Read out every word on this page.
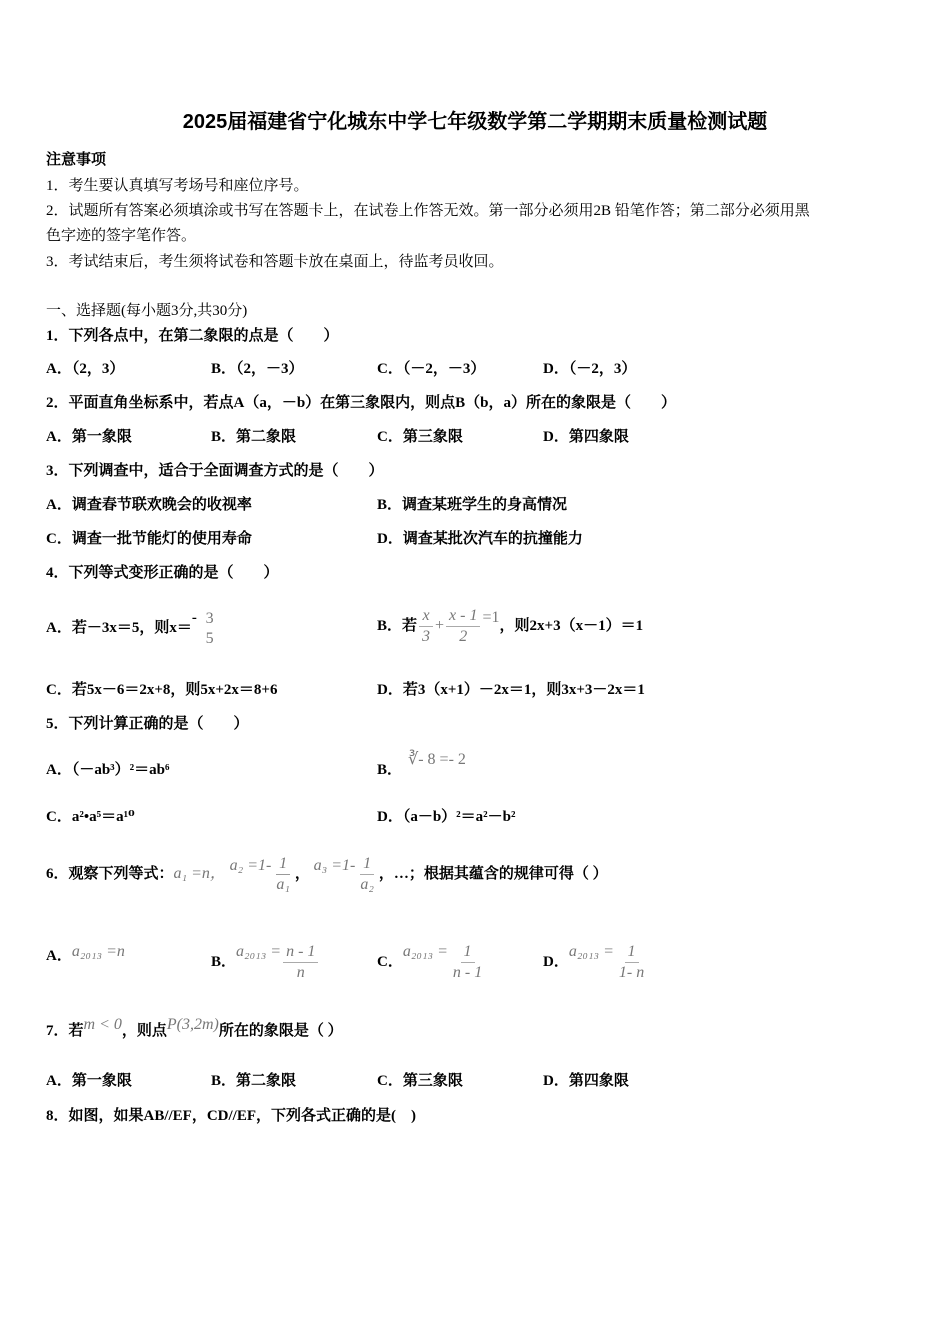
2025届福建省宁化城东中学七年级数学第二学期期末质量检测试题
注意事项
1．考生要认真填写考场号和座位序号。
2．试题所有答案必须填涂或书写在答题卡上，在试卷上作答无效。第一部分必须用2B 铅笔作答；第二部分必须用黑
色字迹的签字笔作答。
3．考试结束后，考生须将试卷和答题卡放在桌面上，待监考员收回。
一、选择题(每小题3分,共30分)
1．下列各点中，在第二象限的点是（　　）
A．（2，3）	B．（2，－3）	C．（－2，－3）	D．（－2，3）
2．平面直角坐标系中，若点A（a，－b）在第三象限内，则点B（b，a）所在的象限是（　　）
A．第一象限	B．第二象限	C．第三象限	D．第四象限
3．下列调查中，适合于全面调查方式的是（　　）
A．调查春节联欢晚会的收视率	B．调查某班学生的身高情况
C．调查一批节能灯的使用寿命	D．调查某批次汽车的抗撞能力
4．下列等式变形正确的是（　　）
A．若－3x＝5，则x＝- 3
5
B．若 $\frac{x}{3} + \frac{x - 1}{2} =1$，则2x+3（x－1）＝1
C．若5x－6＝2x+8，则5x+2x＝8+6	D．若3（x+1）－2x＝1，则3x+3－2x＝1
5．下列计算正确的是（　　）
A．（－ab³）²＝ab⁶	B．∛- 8 =- 2
C．a²•a⁵＝a¹⁰	D．（a－b）²＝a²－b²
6．观察下列等式：a₁ =n， $a_2 =1- \frac{1}{\text{a₁}}$ ， $a_3 =1- \frac{1}{\text{a₂}}$ ，…；根据其蕴含的规律可得（ ）
A．a₂₀₁₃ =n
B．$a_{2013} = \frac{n - 1}{n}$	C．$a_{2013} = \frac{1}{n - 1}$	D．$a_{2013} = \frac{1}{1- n}$
7．若m < 0，则点P(3,2m)所在的象限是（ ）
A．第一象限	B．第二象限	C．第三象限	D．第四象限
8．如图，如果AB//EF，CD//EF，下列各式正确的是(　)
